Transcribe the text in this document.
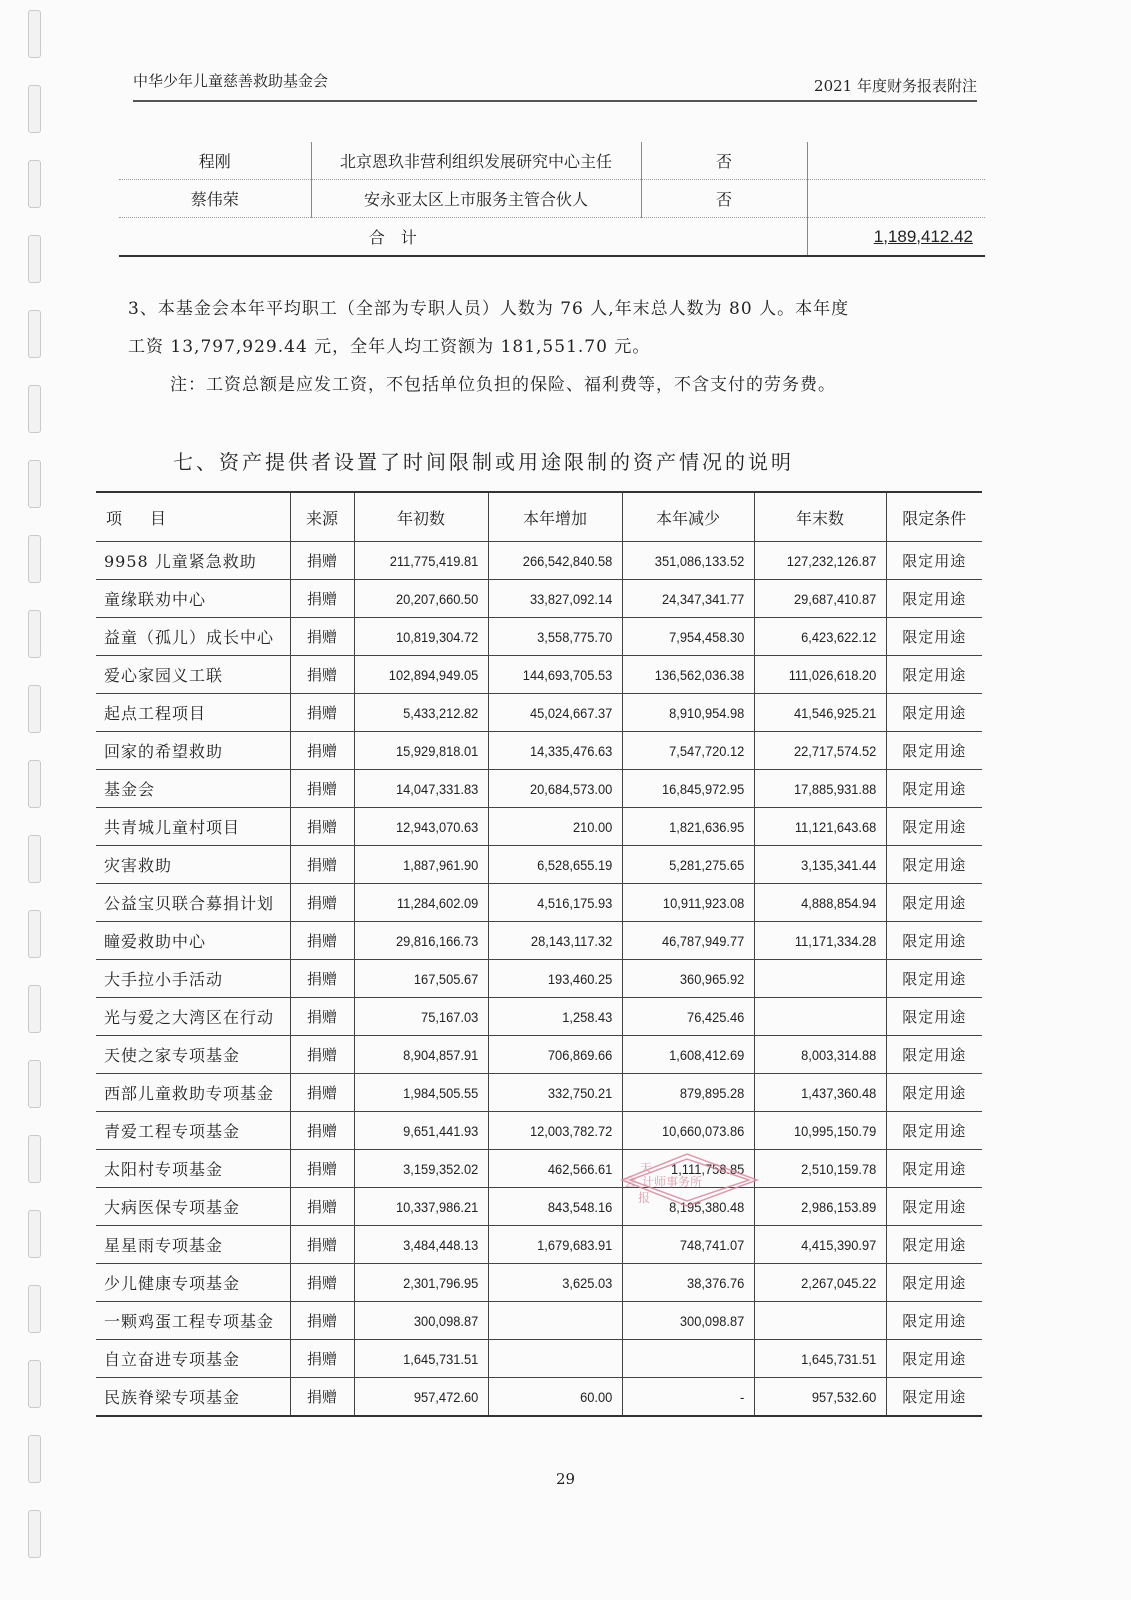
中华少年儿童慈善救助基金会	2021 年度财务报表附注
程刚	北京恩玖非营利组织发展研究中心主任	否	
蔡伟荣	安永亚太区上市服务主管合伙人	否	
合　计			1,189,412.42
3、本基金会本年平均职工（全部为专职人员）人数为 76 人,年末总人数为 80 人。本年度
工资 13,797,929.44 元，全年人均工资额为 181,551.70 元。
注：工资总额是应发工资，不包括单位负担的保险、福利费等，不含支付的劳务费。
七、资产提供者设置了时间限制或用途限制的资产情况的说明
项　目	来源	年初数	本年增加	本年减少	年末数	限定条件
9958 儿童紧急救助	捐赠	211,775,419.81	266,542,840.58	351,086,133.52	127,232,126.87	限定用途
童缘联劝中心	捐赠	20,207,660.50	33,827,092.14	24,347,341.77	29,687,410.87	限定用途
益童（孤儿）成长中心	捐赠	10,819,304.72	3,558,775.70	7,954,458.30	6,423,622.12	限定用途
爱心家园义工联	捐赠	102,894,949.05	144,693,705.53	136,562,036.38	111,026,618.20	限定用途
起点工程项目	捐赠	5,433,212.82	45,024,667.37	8,910,954.98	41,546,925.21	限定用途
回家的希望救助	捐赠	15,929,818.01	14,335,476.63	7,547,720.12	22,717,574.52	限定用途
基金会	捐赠	14,047,331.83	20,684,573.00	16,845,972.95	17,885,931.88	限定用途
共青城儿童村项目	捐赠	12,943,070.63	210.00	1,821,636.95	11,121,643.68	限定用途
灾害救助	捐赠	1,887,961.90	6,528,655.19	5,281,275.65	3,135,341.44	限定用途
公益宝贝联合募捐计划	捐赠	11,284,602.09	4,516,175.93	10,911,923.08	4,888,854.94	限定用途
瞳爱救助中心	捐赠	29,816,166.73	28,143,117.32	46,787,949.77	11,171,334.28	限定用途
大手拉小手活动	捐赠	167,505.67	193,460.25	360,965.92		限定用途
光与爱之大湾区在行动	捐赠	75,167.03	1,258.43	76,425.46		限定用途
天使之家专项基金	捐赠	8,904,857.91	706,869.66	1,608,412.69	8,003,314.88	限定用途
西部儿童救助专项基金	捐赠	1,984,505.55	332,750.21	879,895.28	1,437,360.48	限定用途
青爱工程专项基金	捐赠	9,651,441.93	12,003,782.72	10,660,073.86	10,995,150.79	限定用途
太阳村专项基金	捐赠	3,159,352.02	462,566.61	1,111,758.85	2,510,159.78	限定用途
大病医保专项基金	捐赠	10,337,986.21	843,548.16	8,195,380.48	2,986,153.89	限定用途
星星雨专项基金	捐赠	3,484,448.13	1,679,683.91	748,741.07	4,415,390.97	限定用途
少儿健康专项基金	捐赠	2,301,796.95	3,625.03	38,376.76	2,267,045.22	限定用途
一颗鸡蛋工程专项基金	捐赠	300,098.87		300,098.87		限定用途
自立奋进专项基金	捐赠	1,645,731.51			1,645,731.51	限定用途
民族脊梁专项基金	捐赠	957,472.60	60.00	-	957,532.60	限定用途
天
会 计师事务所
报
29
